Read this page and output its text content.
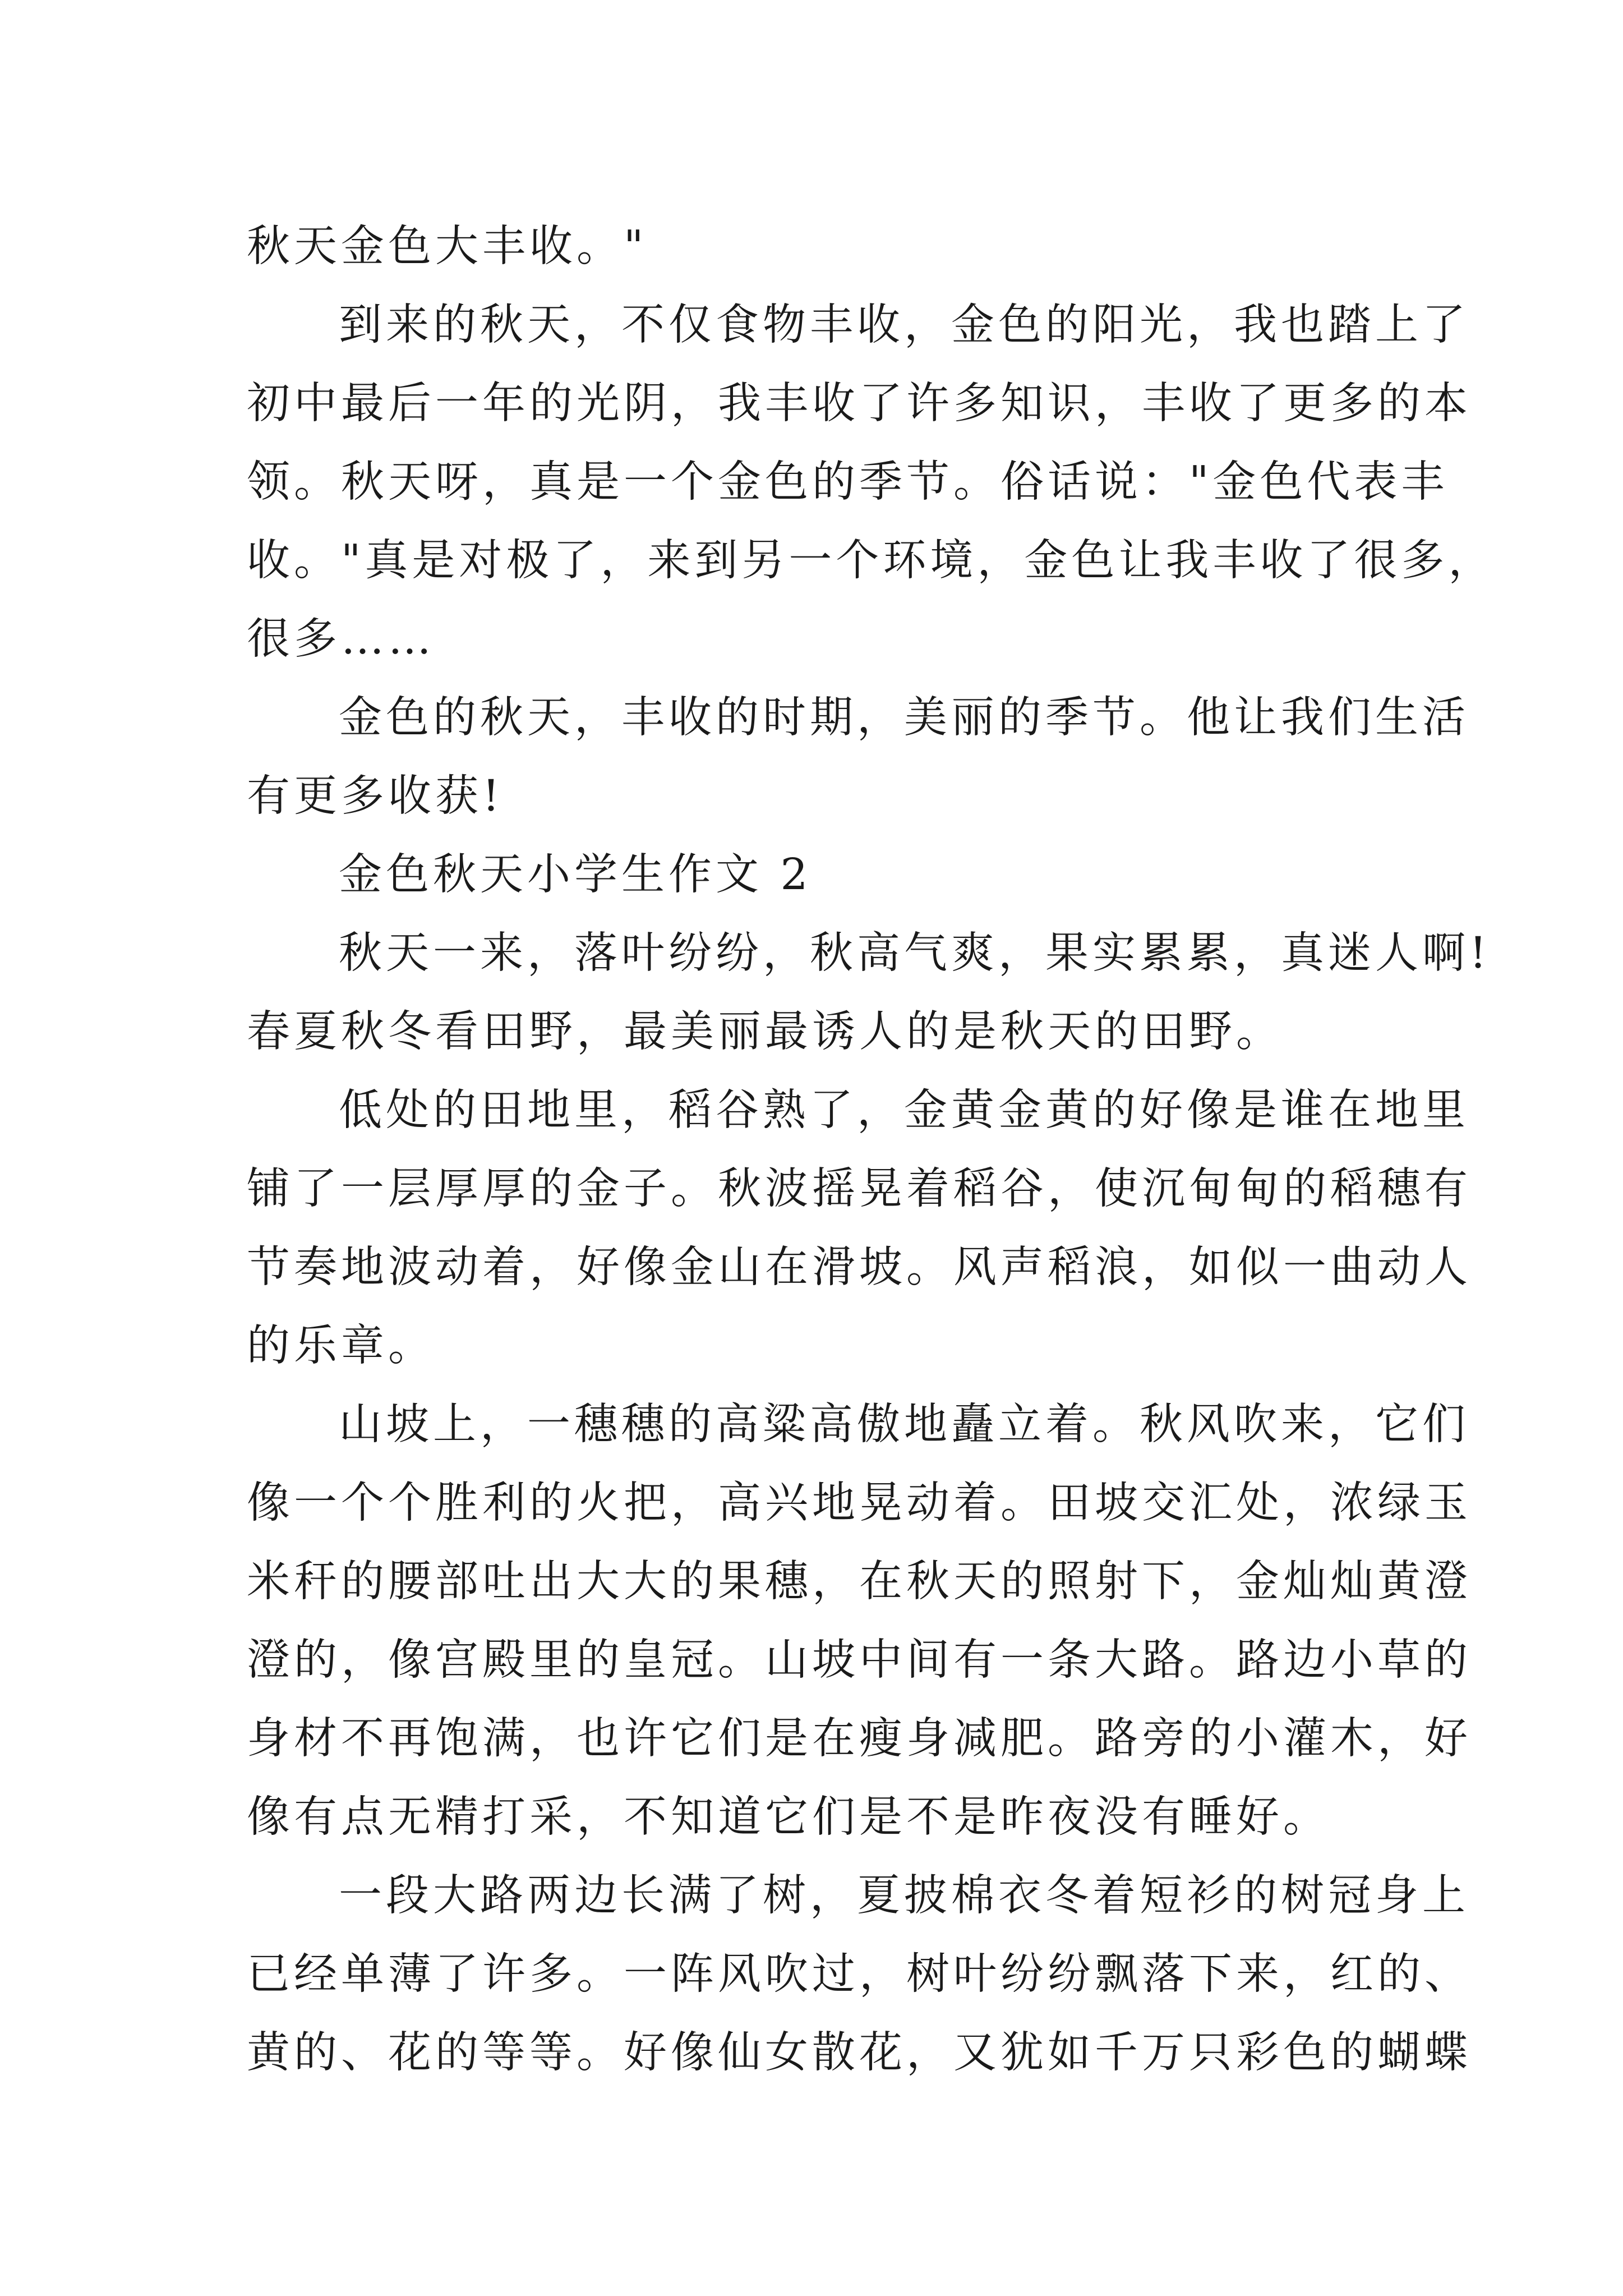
秋天金色大丰收。"
到来的秋天，不仅食物丰收，金色的阳光，我也踏上了
初中最后一年的光阴，我丰收了许多知识，丰收了更多的本
领。秋天呀，真是一个金色的季节。俗话说："金色代表丰
收。"真是对极了，来到另一个环境，金色让我丰收了很多，
很多……
金色的秋天，丰收的时期，美丽的季节。他让我们生活
有更多收获!
金色秋天小学生作文 2
秋天一来，落叶纷纷，秋高气爽，果实累累，真迷人啊!
春夏秋冬看田野，最美丽最诱人的是秋天的田野。
低处的田地里，稻谷熟了，金黄金黄的好像是谁在地里
铺了一层厚厚的金子。秋波摇晃着稻谷，使沉甸甸的稻穗有
节奏地波动着，好像金山在滑坡。风声稻浪，如似一曲动人
的乐章。
山坡上，一穗穗的高粱高傲地矗立着。秋风吹来，它们
像一个个胜利的火把，高兴地晃动着。田坡交汇处，浓绿玉
米秆的腰部吐出大大的果穗，在秋天的照射下，金灿灿黄澄
澄的，像宫殿里的皇冠。山坡中间有一条大路。路边小草的
身材不再饱满，也许它们是在瘦身减肥。路旁的小灌木，好
像有点无精打采，不知道它们是不是昨夜没有睡好。
一段大路两边长满了树，夏披棉衣冬着短衫的树冠身上
已经单薄了许多。一阵风吹过，树叶纷纷飘落下来，红的、
黄的、花的等等。好像仙女散花，又犹如千万只彩色的蝴蝶
